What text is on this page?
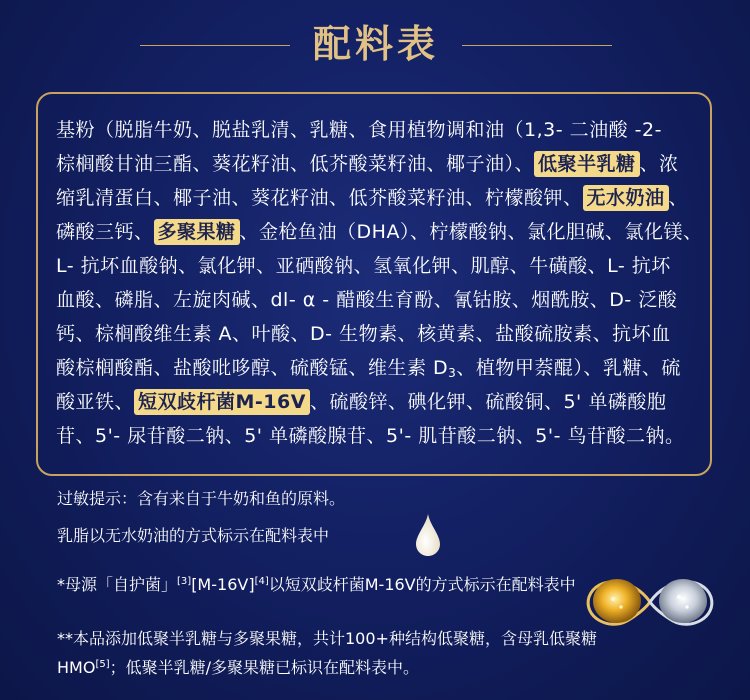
配料表
基粉（脱脂牛奶、脱盐乳清、乳糖、食用植物调和油（1,3- 二油酸 -2-
棕榈酸甘油三酯、葵花籽油、低芥酸菜籽油、椰子油）、 低聚半乳糖 、浓
缩乳清蛋白、椰子油、葵花籽油、低芥酸菜籽油、柠檬酸钾、 无水奶油 、
磷酸三钙、 多聚果糖 、金枪鱼油（DHA）、柠檬酸钠、氯化胆碱、氯化镁、
L- 抗坏血酸钠、氯化钾、亚硒酸钠、氢氧化钾、肌醇、牛磺酸、L- 抗坏
血酸、磷脂、左旋肉碱、dl- α - 醋酸生育酚、氰钴胺、烟酰胺、D- 泛酸
钙、棕榈酸维生素 A、叶酸、D- 生物素、核黄素、盐酸硫胺素、抗坏血
酸棕榈酸酯、盐酸吡哆醇、硫酸锰、维生素 D3、植物甲萘醌）、乳糖、硫
酸亚铁、 短双歧杆菌M-16V 、硫酸锌、碘化钾、硫酸铜、5' 单磷酸胞
苷、5'- 尿苷酸二钠、5' 单磷酸腺苷、5'- 肌苷酸二钠、5'- 鸟苷酸二钠。
过敏提示：含有来自于牛奶和鱼的原料。
乳脂以无水奶油的方式标示在配料表中
*母源「自护菌」[3][M-16V][4]以短双歧杆菌M-16V的方式标示在配料表中
**本品添加低聚半乳糖与多聚果糖，共计100+种结构低聚糖，含母乳低聚糖HMO[5]；低聚半乳糖/多聚果糖已标识在配料表中。
